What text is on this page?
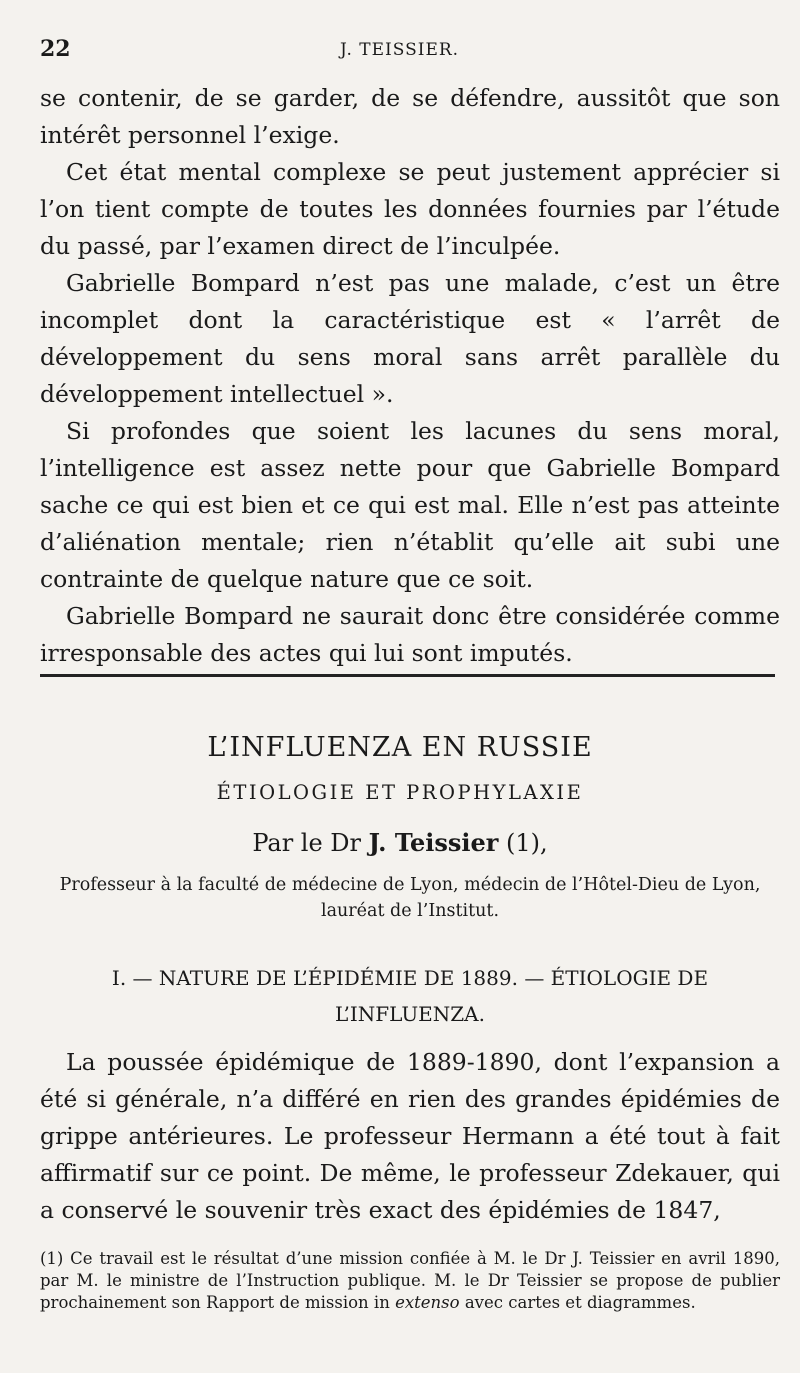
22	J. TEISSIER.

se contenir, de se garder, de se défendre, aussitôt que son intérêt personnel l’exige.

Cet état mental complexe se peut justement apprécier si l’on tient compte de toutes les données fournies par l’étude du passé, par l’examen direct de l’inculpée.

Gabrielle Bompard n’est pas une malade, c’est un être incomplet dont la caractéristique est « l’arrêt de développement du sens moral sans arrêt parallèle du développement intellectuel ».

Si profondes que soient les lacunes du sens moral, l’intelligence est assez nette pour que Gabrielle Bompard sache ce qui est bien et ce qui est mal. Elle n’est pas atteinte d’aliénation mentale; rien n’établit qu’elle ait subi une contrainte de quelque nature que ce soit.

Gabrielle Bompard ne saurait donc être considérée comme irresponsable des actes qui lui sont imputés.

L’INFLUENZA EN RUSSIE
ÉTIOLOGIE ET PROPHYLAXIE
Par le Dr J. Teissier (1),
Professeur à la faculté de médecine de Lyon, médecin de l’Hôtel-Dieu de Lyon, lauréat de l’Institut.
I. — NATURE DE L’ÉPIDÉMIE DE 1889. — ÉTIOLOGIE DE L’INFLUENZA.

La poussée épidémique de 1889-1890, dont l’expansion a été si générale, n’a différé en rien des grandes épidémies de grippe antérieures. Le professeur Hermann a été tout à fait affirmatif sur ce point. De même, le professeur Zdekauer, qui a conservé le souvenir très exact des épidémies de 1847,

(1) Ce travail est le résultat d’une mission confiée à M. le Dr J. Teissier en avril 1890, par M. le ministre de l’Instruction publique. M. le Dr Teissier se propose de publier prochainement son Rapport de mission in extenso avec cartes et diagrammes.
